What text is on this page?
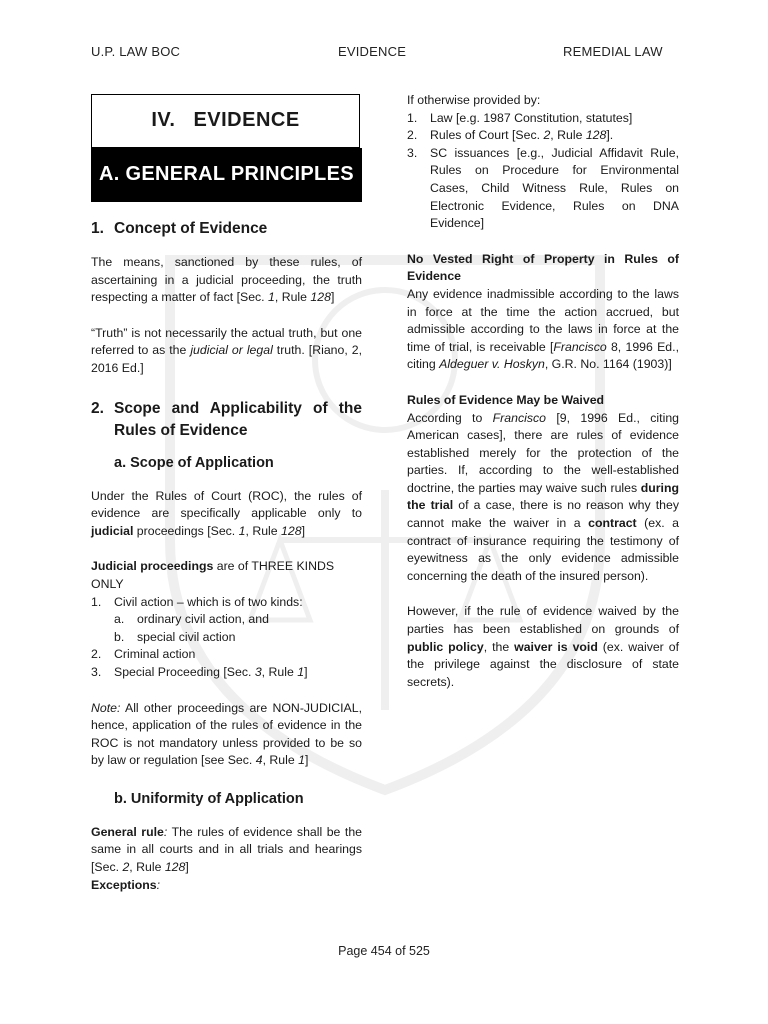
U.P. LAW BOC	EVIDENCE	REMEDIAL LAW
IV. EVIDENCE
A. GENERAL PRINCIPLES
1. Concept of Evidence

The means, sanctioned by these rules, of ascertaining in a judicial proceeding, the truth respecting a matter of fact [Sec. 1, Rule 128]

“Truth” is not necessarily the actual truth, but one referred to as the judicial or legal truth. [Riano, 2, 2016 Ed.]

2. Scope and Applicability of the Rules of Evidence
a. Scope of Application

Under the Rules of Court (ROC), the rules of evidence are specifically applicable only to judicial proceedings [Sec. 1, Rule 128]

Judicial proceedings are of THREE KINDS ONLY

1.	Civil action – which is of two kinds:
a.	ordinary civil action, and
b.	special civil action
2.	Criminal action
3.	Special Proceeding [Sec. 3, Rule 1]

Note: All other proceedings are NON-JUDICIAL, hence, application of the rules of evidence in the ROC is not mandatory unless provided to be so by law or regulation [see Sec. 4, Rule 1]

b. Uniformity of Application

General rule: The rules of evidence shall be the same in all courts and in all trials and hearings [Sec. 2, Rule 128]

Exceptions:

If otherwise provided by:

1.	Law [e.g. 1987 Constitution, statutes]
2.	Rules of Court [Sec. 2, Rule 128].
3.	SC issuances [e.g., Judicial Affidavit Rule, Rules on Procedure for Environmental Cases, Child Witness Rule, Rules on Electronic Evidence, Rules on DNA Evidence]

No Vested Right of Property in Rules of Evidence

Any evidence inadmissible according to the laws in force at the time the action accrued, but admissible according to the laws in force at the time of trial, is receivable [Francisco 8, 1996 Ed., citing Aldeguer v. Hoskyn, G.R. No. 1164 (1903)]

Rules of Evidence May be Waived

According to Francisco [9, 1996 Ed., citing American cases], there are rules of evidence established merely for the protection of the parties. If, according to the well-established doctrine, the parties may waive such rules during the trial of a case, there is no reason why they cannot make the waiver in a contract (ex. a contract of insurance requiring the testimony of eyewitness as the only evidence admissible concerning the death of the insured person).

However, if the rule of evidence waived by the parties has been established on grounds of public policy, the waiver is void (ex. waiver of the privilege against the disclosure of state secrets).

Page 454 of 525
